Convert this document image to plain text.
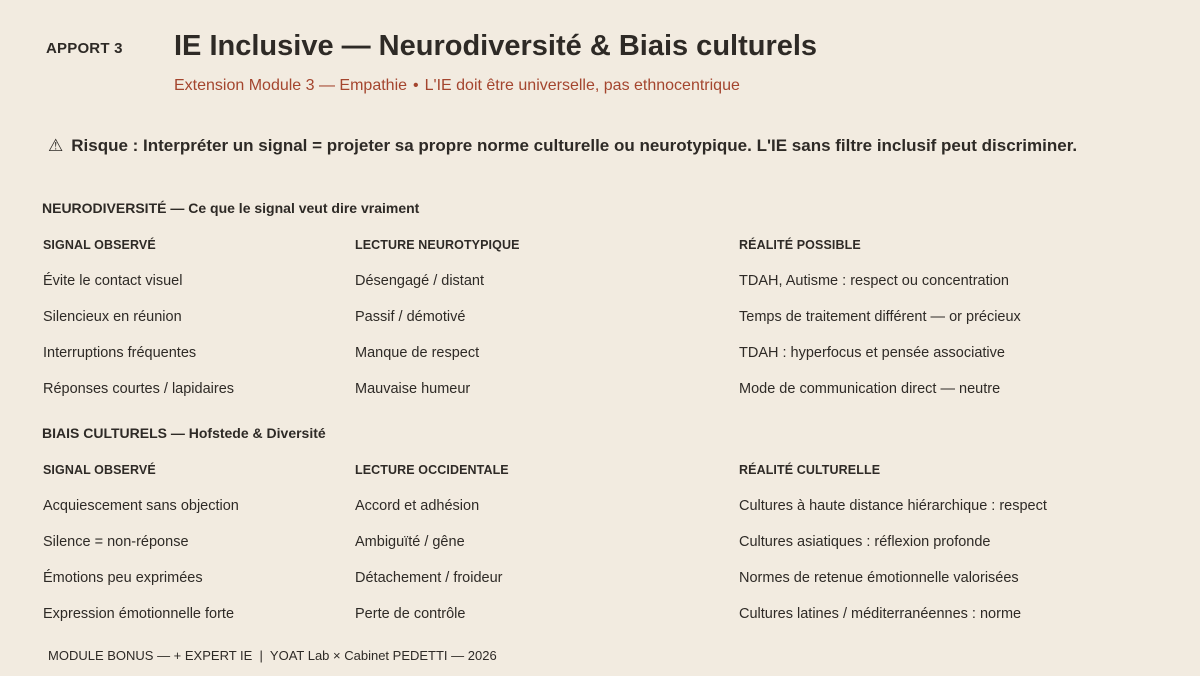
APPORT 3 IE Inclusive — Neurodiversité & Biais culturels
Extension Module 3 — Empathie • L'IE doit être universelle, pas ethnocentrique
⚠ Risque : Interpréter un signal = projeter sa propre norme culturelle ou neurotypique. L'IE sans filtre inclusif peut discriminer.
NEURODIVERSITÉ — Ce que le signal veut dire vraiment
SIGNAL OBSERVÉ	LECTURE NEUROTYPIQUE	RÉALITÉ POSSIBLE
Évite le contact visuel	Désengagé / distant	TDAH, Autisme : respect ou concentration
Silencieux en réunion	Passif / démotivé	Temps de traitement différent — or précieux
Interruptions fréquentes	Manque de respect	TDAH : hyperfocus et pensée associative
Réponses courtes / lapidaires	Mauvaise humeur	Mode de communication direct — neutre
BIAIS CULTURELS — Hofstede & Diversité
SIGNAL OBSERVÉ	LECTURE OCCIDENTALE	RÉALITÉ CULTURELLE
Acquiescement sans objection	Accord et adhésion	Cultures à haute distance hiérarchique : respect
Silence = non-réponse	Ambiguïté / gêne	Cultures asiatiques : réflexion profonde
Émotions peu exprimées	Détachement / froideur	Normes de retenue émotionnelle valorisées
Expression émotionnelle forte	Perte de contrôle	Cultures latines / méditerranéennes : norme
MODULE BONUS — + EXPERT IE  |  YOAT Lab × Cabinet PEDETTI — 2026
